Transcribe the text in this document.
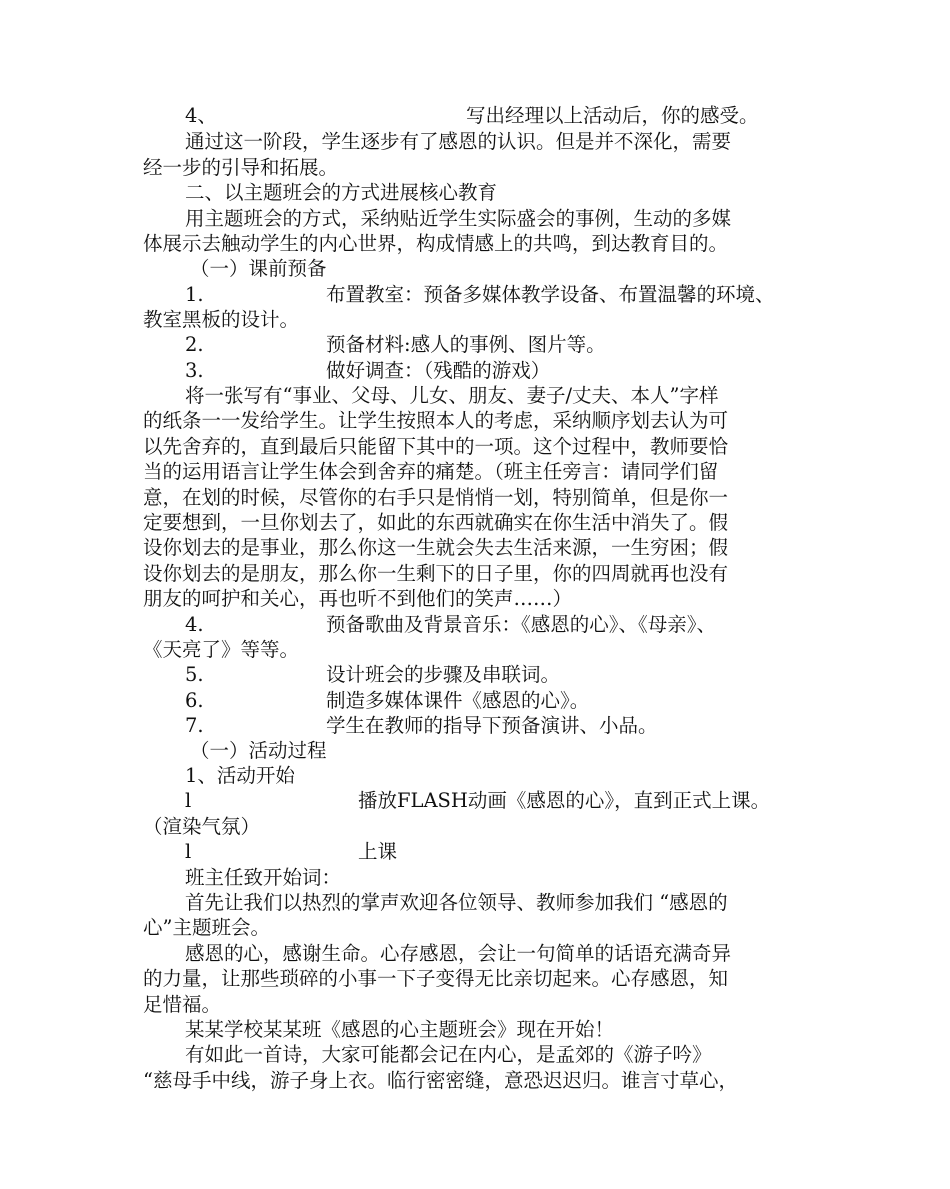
4、	写出经理以上活动后，你的感受。
通过这一阶段，学生逐步有了感恩的认识。但是并不深化，需要
经一步的引导和拓展。
二、以主题班会的方式进展核心教育
用主题班会的方式，采纳贴近学生实际盛会的事例，生动的多媒
体展示去触动学生的内心世界，构成情感上的共鸣，到达教育目的。
（一）课前预备
1.	布置教室：预备多媒体教学设备、布置温馨的环境、
教室黑板的设计。
2.	预备材料:感人的事例、图片等。
3.	做好调查：（残酷的游戏）
将一张写有“事业、父母、儿女、朋友、妻子/丈夫、本人”字样
的纸条一一发给学生。让学生按照本人的考虑，采纳顺序划去认为可
以先舍弃的，直到最后只能留下其中的一项。这个过程中，教师要恰
当的运用语言让学生体会到舍弃的痛楚。（班主任旁言：请同学们留
意，在划的时候，尽管你的右手只是悄悄一划，特别简单，但是你一
定要想到，一旦你划去了，如此的东西就确实在你生活中消失了。假
设你划去的是事业，那么你这一生就会失去生活来源，一生穷困；假
设你划去的是朋友，那么你一生剩下的日子里，你的四周就再也没有
朋友的呵护和关心，再也听不到他们的笑声……）
4.	预备歌曲及背景音乐：《感恩的心》、《母亲》、
《天亮了》等等。
5.	设计班会的步骤及串联词。
6.	制造多媒体课件《感恩的心》。
7.	学生在教师的指导下预备演讲、小品。
（一）活动过程
1、活动开始
l	播放FLASH动画《感恩的心》，直到正式上课。
（渲染气氛）
l	上课
班主任致开始词：
首先让我们以热烈的掌声欢迎各位领导、教师参加我们 “感恩的
心”主题班会。
感恩的心，感谢生命。心存感恩，会让一句简单的话语充满奇异
的力量，让那些琐碎的小事一下子变得无比亲切起来。心存感恩，知
足惜福。
某某学校某某班《感恩的心主题班会》现在开始！
有如此一首诗，大家可能都会记在内心，是孟郊的《游子吟》
“慈母手中线，游子身上衣。临行密密缝，意恐迟迟归。谁言寸草心，
